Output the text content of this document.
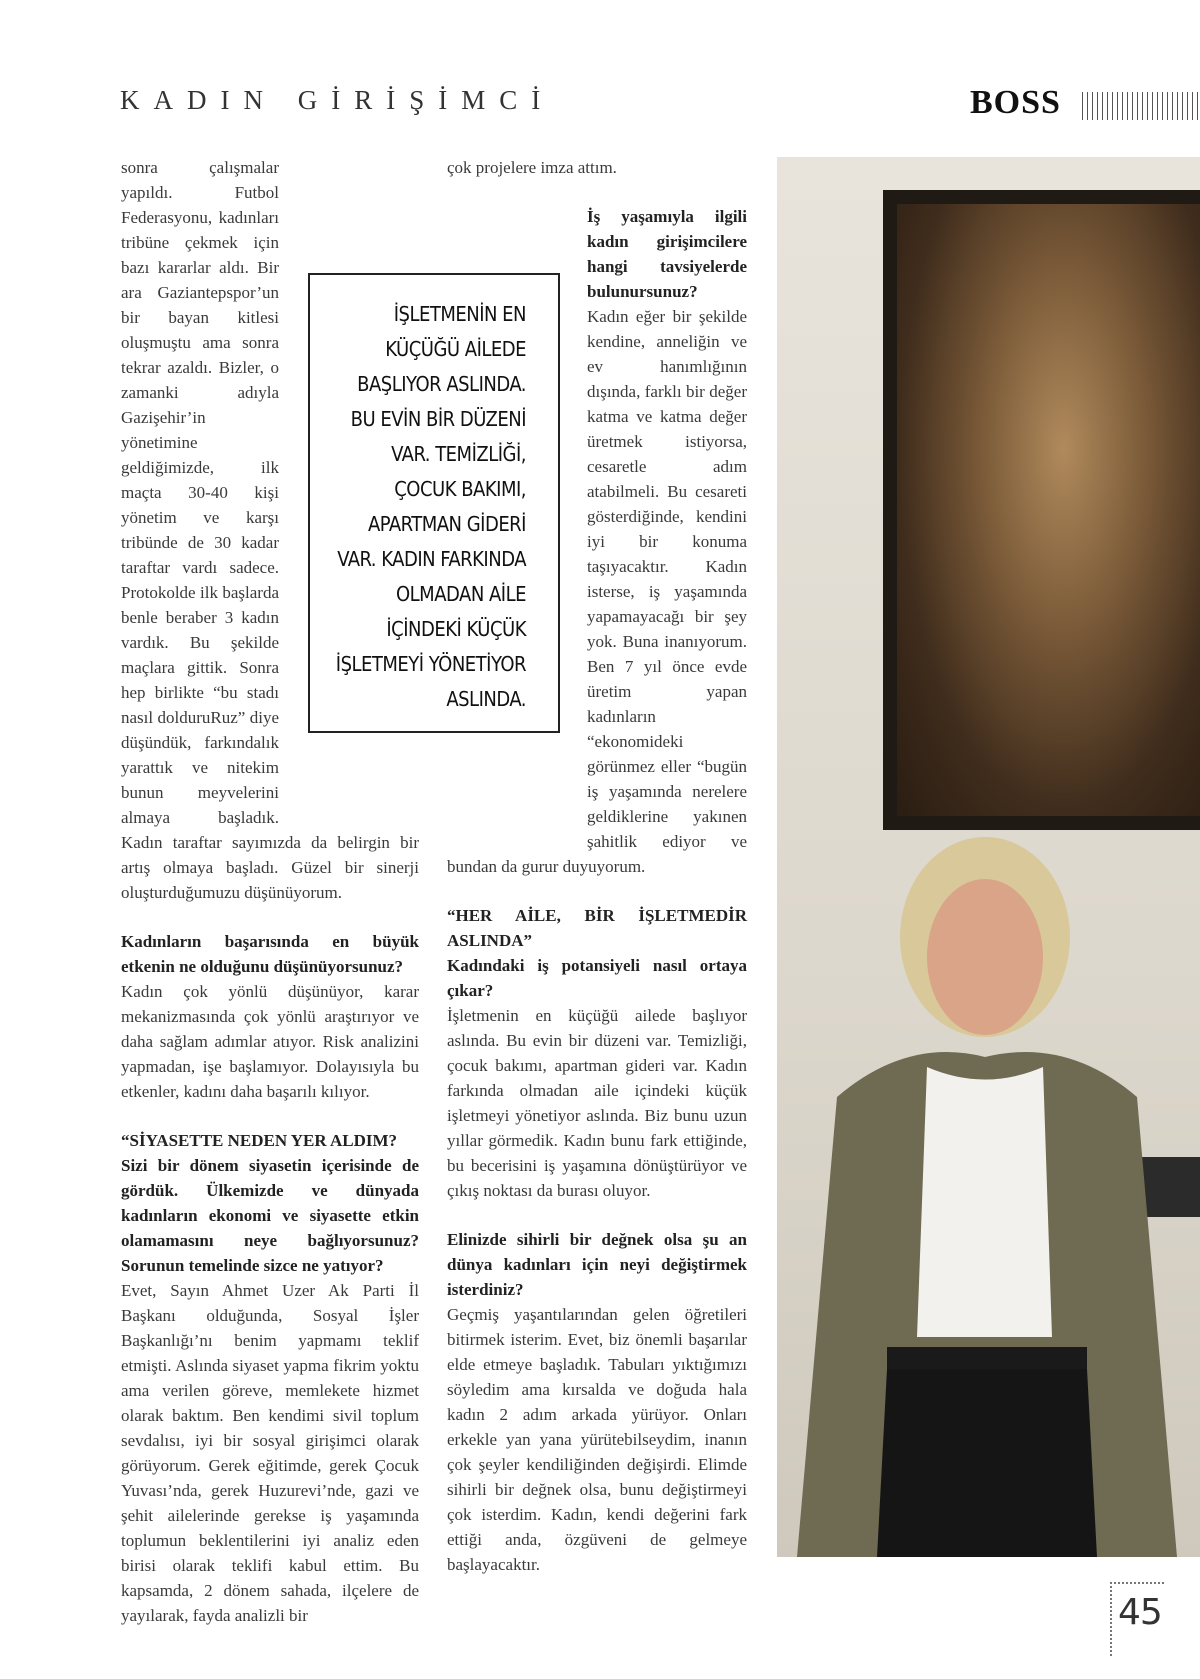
KADIN GİRİŞİMCİ	BOSS

sonra çalışmalar yapıldı. Futbol Federasyonu, kadınları tribüne çekmek için bazı kararlar aldı. Bir ara Gaziantepspor’un bir bayan kitlesi oluşmuştu ama sonra tekrar azaldı. Bizler, o zamanki adıyla Gazişehir’in yönetimine geldiğimizde, ilk maçta 30-40 kişi yönetim ve karşı tribünde de 30 kadar taraftar vardı sadece. Protokolde ilk başlarda benle beraber 3 kadın vardık. Bu şekilde maçlara gittik. Sonra hep birlikte “bu stadı nasıl dolduruRuz” diye düşündük, farkındalık yarattık ve nitekim bunun meyvelerini almaya başladık. Kadın taraftar sayımızda da belirgin bir artış olmaya başladı. Güzel bir sinerji oluşturduğumuzu düşünüyorum.

Kadınların başarısında en büyük etkenin ne olduğunu düşünüyorsunuz?

Kadın çok yönlü düşünüyor, karar mekanizmasında çok yönlü araştırıyor ve daha sağlam adımlar atıyor. Risk analizini yapmadan, işe başlamıyor. Dolayısıyla bu etkenler, kadını daha başarılı kılıyor.

“SİYASETTE NEDEN YER ALDIM?

Sizi bir dönem siyasetin içerisinde de gördük. Ülkemizde ve dünyada kadınların ekonomi ve siyasette etkin olamamasını neye bağlıyorsunuz? Sorunun temelinde sizce ne yatıyor?

Evet, Sayın Ahmet Uzer Ak Parti İl Başkanı olduğunda, Sosyal İşler Başkanlığı’nı benim yapmamı teklif etmişti. Aslında siyaset yapma fikrim yoktu ama verilen göreve, memlekete hizmet olarak baktım. Ben kendimi sivil toplum sevdalısı, iyi bir sosyal girişimci olarak görüyorum. Gerek eğitimde, gerek Çocuk Yuvası’nda, gerek Huzurevi’nde, gazi ve şehit ailelerinde gerekse iş yaşamında toplumun beklentilerini iyi analiz eden birisi olarak teklifi kabul ettim. Bu kapsamda, 2 dönem sahada, ilçelere de yayılarak, fayda analizli bir

çok projelere imza attım.

İş yaşamıyla ilgili kadın girişimcilere hangi tavsiyelerde bulunursunuz?

Kadın eğer bir şekilde kendine, anneliğin ve ev hanımlığının dışında, farklı bir değer katma ve katma değer üretmek istiyorsa, cesaretle adım atabilmeli. Bu cesareti gösterdiğinde, kendini iyi bir konuma taşıyacaktır. Kadın isterse, iş yaşamında yapamayacağı bir şey yok. Buna inanıyorum. Ben 7 yıl önce evde üretim yapan kadınların “ekonomideki görünmez eller “bugün iş yaşamında nerelere geldiklerine yakınen şahitlik ediyor ve bundan da gurur duyuyorum.

“HER AİLE, BİR İŞLETMEDİR ASLINDA”

Kadındaki iş potansiyeli nasıl ortaya çıkar?

İşletmenin en küçüğü ailede başlıyor aslında. Bu evin bir düzeni var. Temizliği, çocuk bakımı, apartman gideri var. Kadın farkında olmadan aile içindeki küçük işletmeyi yönetiyor aslında. Biz bunu uzun yıllar görmedik. Kadın bunu fark ettiğinde, bu becerisini iş yaşamına dönüştürüyor ve çıkış noktası da burası oluyor.

Elinizde sihirli bir değnek olsa şu an dünya kadınları için neyi değiştirmek isterdiniz?

Geçmiş yaşantılarından gelen öğretileri bitirmek isterim. Evet, biz önemli başarılar elde etmeye başladık. Tabuları yıktığımızı söyledim ama kırsalda ve doğuda hala kadın 2 adım arkada yürüyor. Onları erkekle yan yana yürütebilseydim, inanın çok şeyler kendiliğinden değişirdi. Elimde sihirli bir değnek olsa, bunu değiştirmeyi çok isterdim. Kadın, kendi değerini fark ettiği anda, özgüveni de gelmeye başlayacaktır.

İŞLETMENİN EN
KÜÇÜĞÜ AİLEDE
BAŞLIYOR ASLINDA.
BU EVİN BİR DÜZENİ
VAR. TEMİZLİĞİ,
ÇOCUK BAKIMI,
APARTMAN GİDERİ
VAR. KADIN FARKINDA
OLMADAN AİLE
İÇİNDEKİ KÜÇÜK
İŞLETMEYİ YÖNETİYOR
ASLINDA.
45
